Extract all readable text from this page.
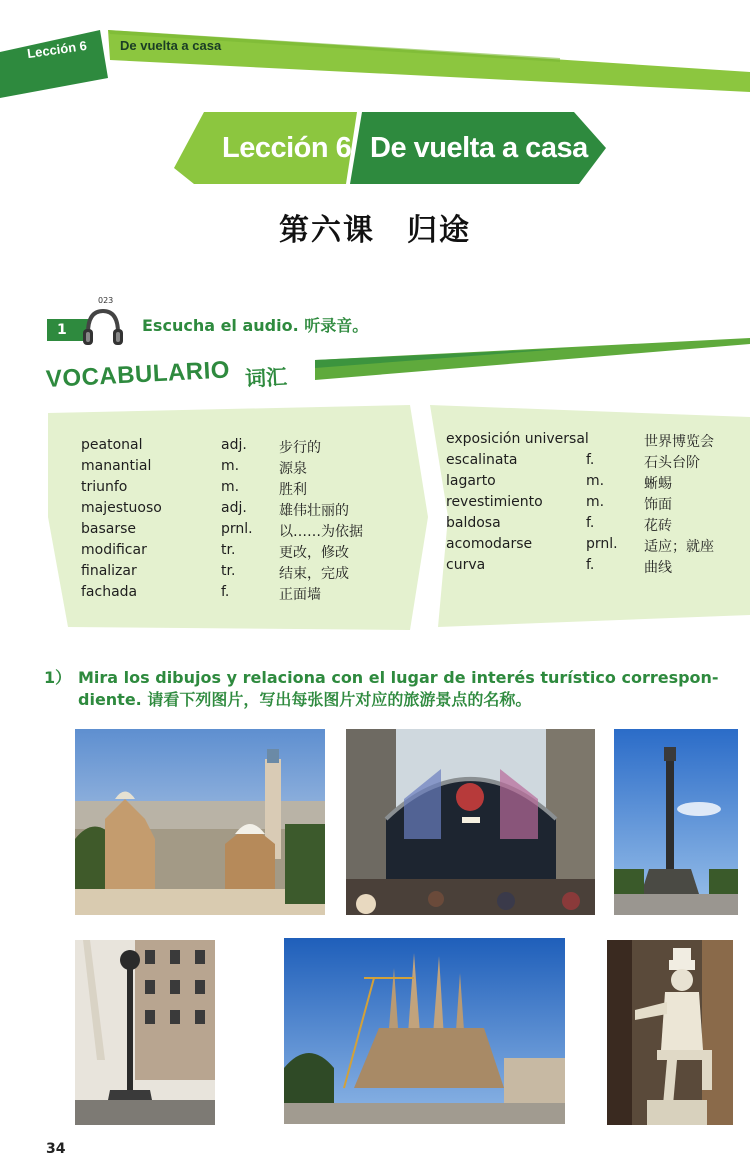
Lección 6 De vuelta a casa
Lección 6 De vuelta a casa
第六课　归途
1
023
Escucha el audio. 听录音。
VOCABULARIO 词汇
peatonal	adj. 步行的
manantial	m.	源泉
triunfo	m.	胜利
majestuoso	adj. 雄伟壮丽的
basarse	prnl. 以……为依据
modificar	tr.	更改，修改
finalizar	tr.	结束，完成
fachada	f.	正面墙
exposición universal	世界博览会
escalinata	f.	石头台阶
lagarto	m.	蜥蜴
revestimiento	m.	饰面
baldosa	f.	花砖
acomodarse	prnl. 适应；就座
curva	f.	曲线
1） Mira los dibujos y relaciona con el lugar de interés turístico correspon-diente. 请看下列图片，写出每张图片对应的旅游景点的名称。
34
